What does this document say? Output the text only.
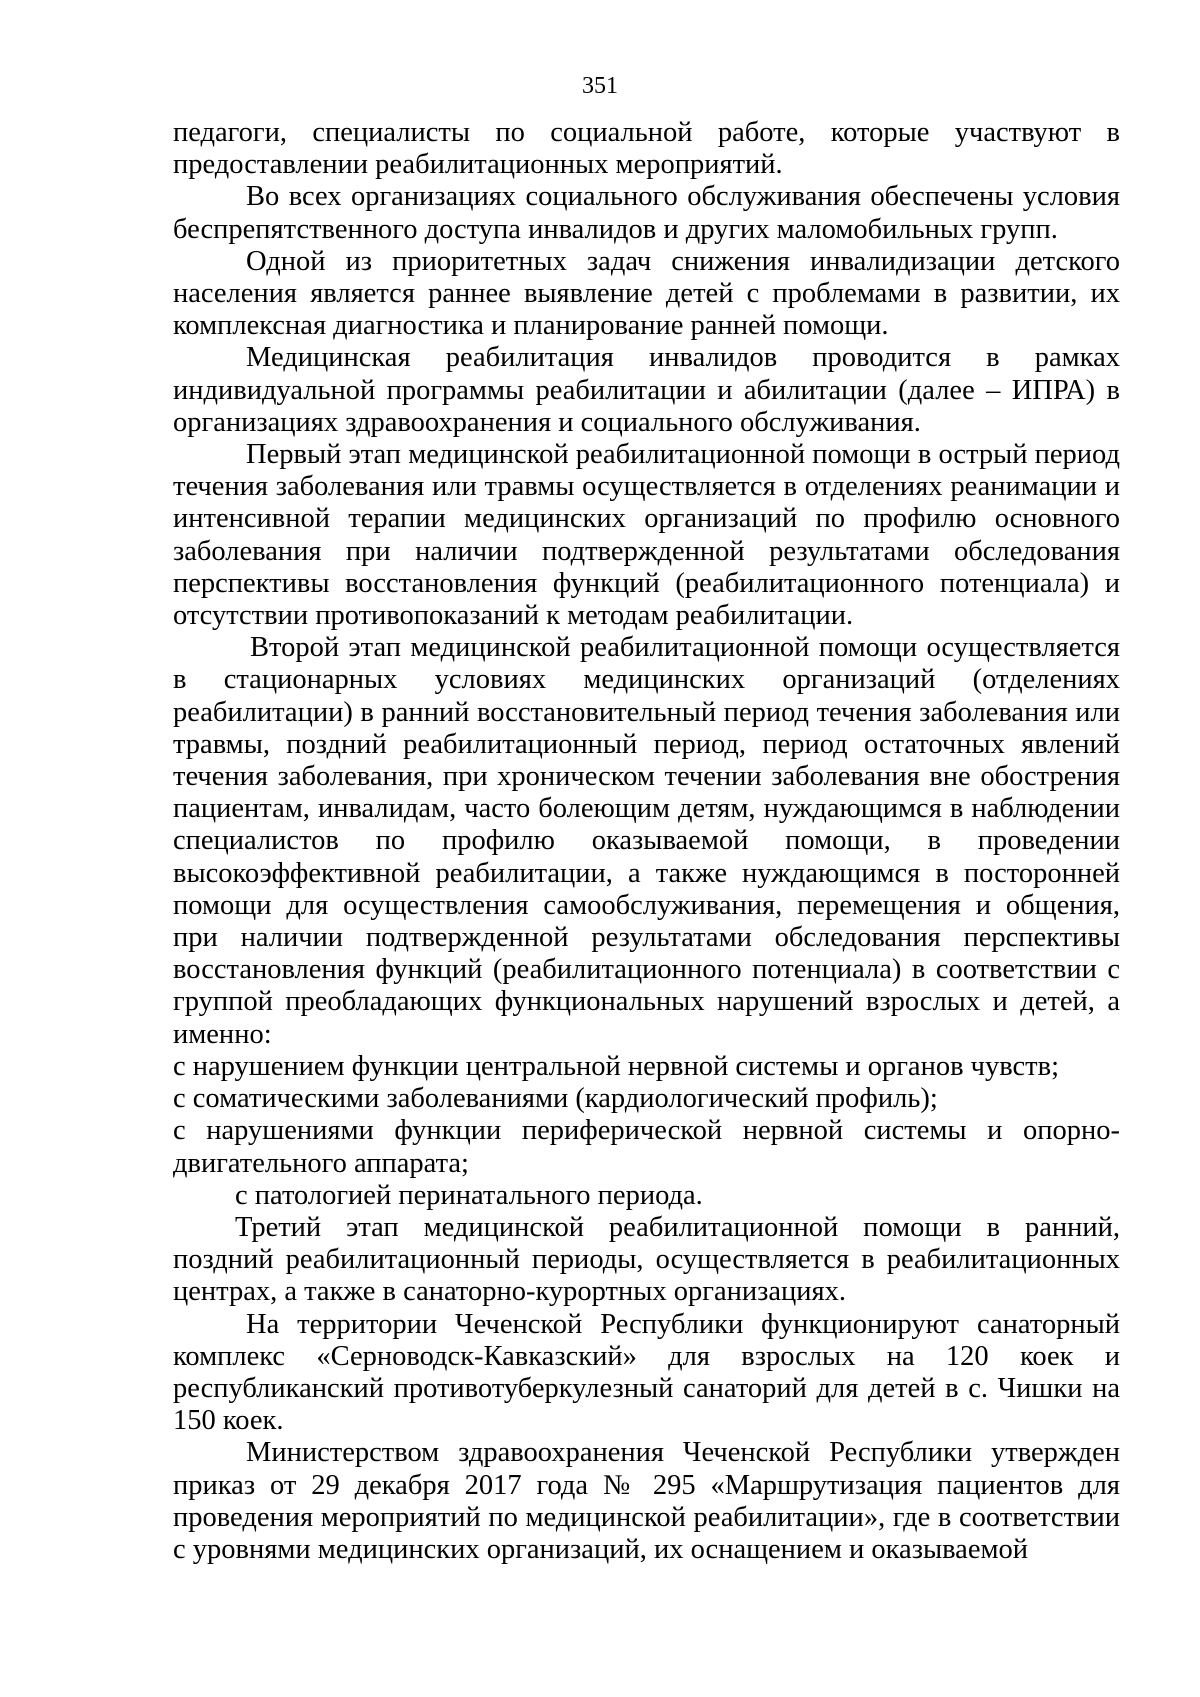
351

педагоги, специалисты по социальной работе, которые участвуют в предоставлении реабилитационных мероприятий.

Во всех организациях социального обслуживания обеспечены условия беспрепятственного доступа инвалидов и других маломобильных групп.

Одной из приоритетных задач снижения инвалидизации детского населения является раннее выявление детей с проблемами в развитии, их комплексная диагностика и планирование ранней помощи.

Медицинская реабилитация инвалидов проводится в рамках индивидуальной программы реабилитации и абилитации (далее – ИПРА) в организациях здравоохранения и социального обслуживания.

Первый этап медицинской реабилитационной помощи в острый период течения заболевания или травмы осуществляется в отделениях реанимации и интенсивной терапии медицинских организаций по профилю основного заболевания при наличии подтвержденной результатами обследования перспективы восстановления функций (реабилитационного потенциала) и отсутствии противопоказаний к методам реабилитации.

Второй этап медицинской реабилитационной помощи осуществляется в стационарных условиях медицинских организаций (отделениях реабилитации) в ранний восстановительный период течения заболевания или травмы, поздний реабилитационный период, период остаточных явлений течения заболевания, при хроническом течении заболевания вне обострения пациентам, инвалидам, часто болеющим детям, нуждающимся в наблюдении специалистов по профилю оказываемой помощи, в проведении высокоэффективной реабилитации, а также нуждающимся в посторонней помощи для осуществления самообслуживания, перемещения и общения, при наличии подтвержденной результатами обследования перспективы восстановления функций (реабилитационного потенциала) в соответствии с группой преобладающих функциональных нарушений взрослых и детей, а именно:

с нарушением функции центральной нервной системы и органов чувств;

с соматическими заболеваниями (кардиологический профиль);

с нарушениями функции периферической нервной системы и опорно-двигательного аппарата;

с патологией перинатального периода.

Третий этап медицинской реабилитационной помощи в ранний, поздний реабилитационный периоды, осуществляется в реабилитационных центрах, а также в санаторно-курортных организациях.

На территории Чеченской Республики функционируют санаторный комплекс «Серноводск-Кавказский» для взрослых на 120 коек и республиканский противотуберкулезный санаторий для детей в с. Чишки на 150 коек.

Министерством здравоохранения Чеченской Республики утвержден приказ от 29 декабря 2017 года № 295 «Маршрутизация пациентов для проведения мероприятий по медицинской реабилитации», где в соответствии с уровнями медицинских организаций, их оснащением и оказываемой
